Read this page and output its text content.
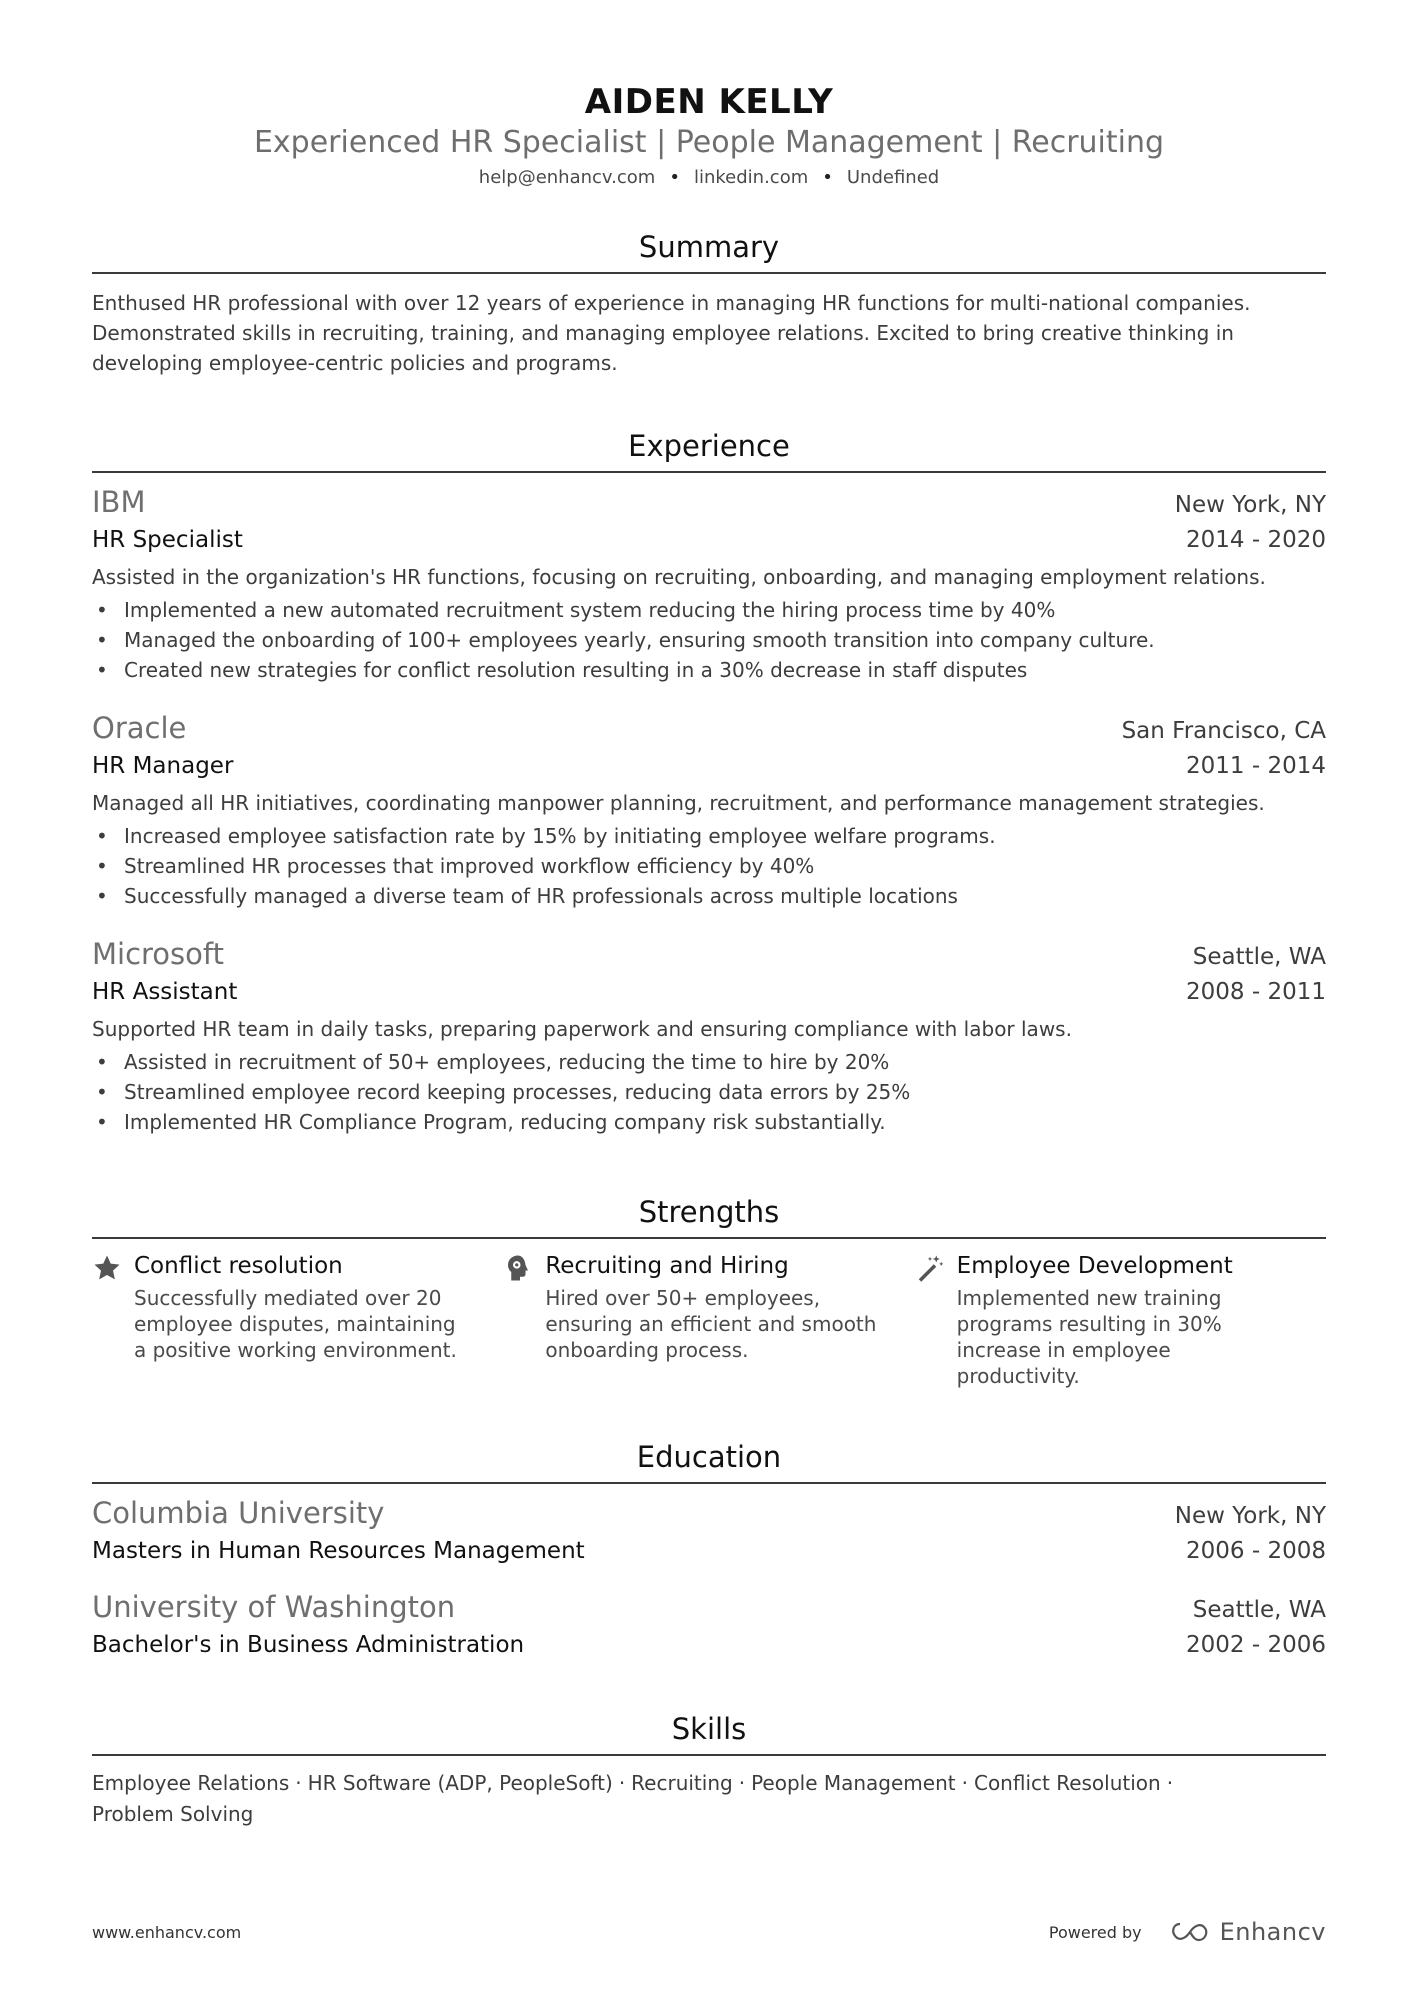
AIDEN KELLY
Experienced HR Specialist | People Management | Recruiting
help@enhancv.com • linkedin.com • Undefined
Summary
Enthused HR professional with over 12 years of experience in managing HR functions for multi-national companies. Demonstrated skills in recruiting, training, and managing employee relations. Excited to bring creative thinking in developing employee-centric policies and programs.
Experience
IBM	New York, NY
HR Specialist	2014 - 2020
Assisted in the organization's HR functions, focusing on recruiting, onboarding, and managing employment relations.
• Implemented a new automated recruitment system reducing the hiring process time by 40%
• Managed the onboarding of 100+ employees yearly, ensuring smooth transition into company culture.
• Created new strategies for conflict resolution resulting in a 30% decrease in staff disputes
Oracle	San Francisco, CA
HR Manager	2011 - 2014
Managed all HR initiatives, coordinating manpower planning, recruitment, and performance management strategies.
• Increased employee satisfaction rate by 15% by initiating employee welfare programs.
• Streamlined HR processes that improved workflow efficiency by 40%
• Successfully managed a diverse team of HR professionals across multiple locations
Microsoft	Seattle, WA
HR Assistant	2008 - 2011
Supported HR team in daily tasks, preparing paperwork and ensuring compliance with labor laws.
• Assisted in recruitment of 50+ employees, reducing the time to hire by 20%
• Streamlined employee record keeping processes, reducing data errors by 25%
• Implemented HR Compliance Program, reducing company risk substantially.
Strengths
Conflict resolution
Successfully mediated over 20 employee disputes, maintaining a positive working environment.
Recruiting and Hiring
Hired over 50+ employees, ensuring an efficient and smooth onboarding process.
Employee Development
Implemented new training programs resulting in 30% increase in employee productivity.
Education
Columbia University	New York, NY
Masters in Human Resources Management	2006 - 2008
University of Washington	Seattle, WA
Bachelor's in Business Administration	2002 - 2006
Skills
Employee Relations · HR Software (ADP, PeopleSoft) · Recruiting · People Management · Conflict Resolution ·
Problem Solving
www.enhancv.com	Powered by	Enhancv
